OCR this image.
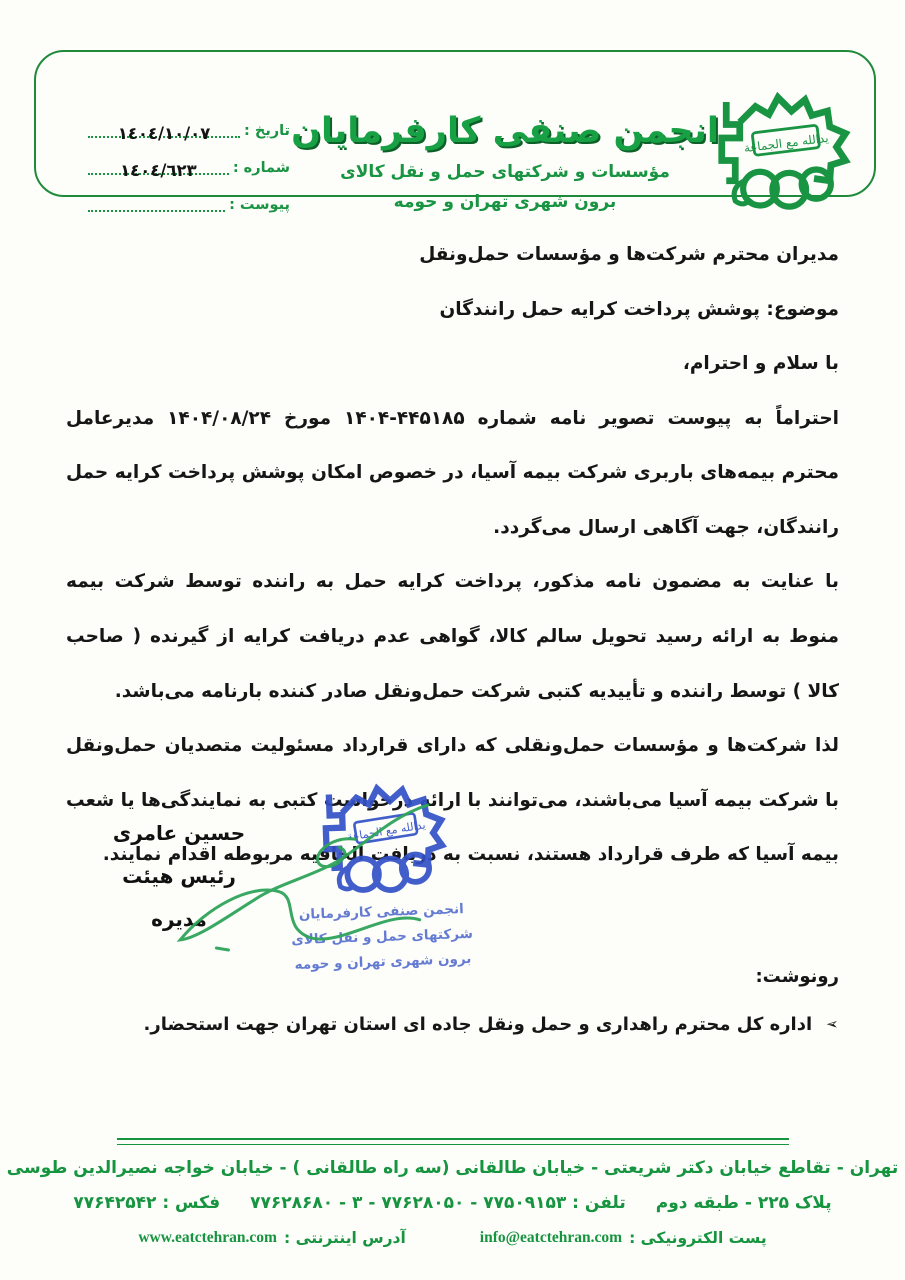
تاریخ :
١٤٠٤/١٠/٠٧
شماره :
١٤٠٤/٦٢٣
پیوست :
انجمن صنفی کارفرمایان
مؤسسات و شرکتهای حمل و نقل کالای
برون شهری تهران و حومه
يدالله مع الجماعة
مدیران محترم شرکت‌ها و مؤسسات حمل‌ونقل
موضوع: پوشش پرداخت کرایه حمل رانندگان
با سلام و احترام،

احتراماً به پیوست تصویر نامه شماره ⁦۱۴۰۴-۴۴۵۱۸۵⁩ مورخ ۱۴۰۴/۰۸/۲۴ مدیرعامل محترم بیمه‌های باربری شرکت بیمه آسیا، در خصوص امکان پوشش پرداخت کرایه حمل رانندگان، جهت آگاهی ارسال می‌گردد.

با عنایت به مضمون نامه مذکور، پرداخت کرایه حمل به راننده توسط شرکت بیمه منوط به ارائه رسید تحویل سالم کالا، گواهی عدم دریافت کرایه از گیرنده ( صاحب کالا ) توسط راننده و تأییدیه کتبی شرکت حمل‌ونقل صادر کننده بارنامه می‌باشد.

لذا شرکت‌ها و مؤسسات حمل‌ونقلی که دارای قرارداد مسئولیت متصدیان حمل‌ونقل با شرکت بیمه آسیا می‌باشند، می‌توانند با ارائه درخواست کتبی به نمایندگی‌ها یا شعب بیمه آسیا که طرف قرارداد هستند، نسبت به دریافت الحاقیه مربوطه اقدام نمایند.

حسین عامری
رئیس هیئت مدیره
يدالله مع الجماعة
انجمن صنفی کارفرمایان
شرکتهای حمل و نقل کالای
برون شهری تهران و حومه
رونوشت:
➢ اداره کل محترم راهداری و حمل ونقل جاده ای استان تهران جهت استحضار.
تهران - تقاطع خیابان دکتر شریعتی - خیابان طالقانی (سه راه طالقانی ) - خیابان خواجه نصیرالدین طوسی
پلاک ۲۲۵ - طبقه دوم
تلفن : ۷۷۵۰۹۱۵۳ - ۷۷۶۲۸۰۵۰ - ۳ - ۷۷۶۲۸۶۸۰
فکس : ۷۷۶۴۲۵۴۲
پست الکترونیکی :
info@eatctehran.com
آدرس اینترنتی :
www.eatctehran.com
